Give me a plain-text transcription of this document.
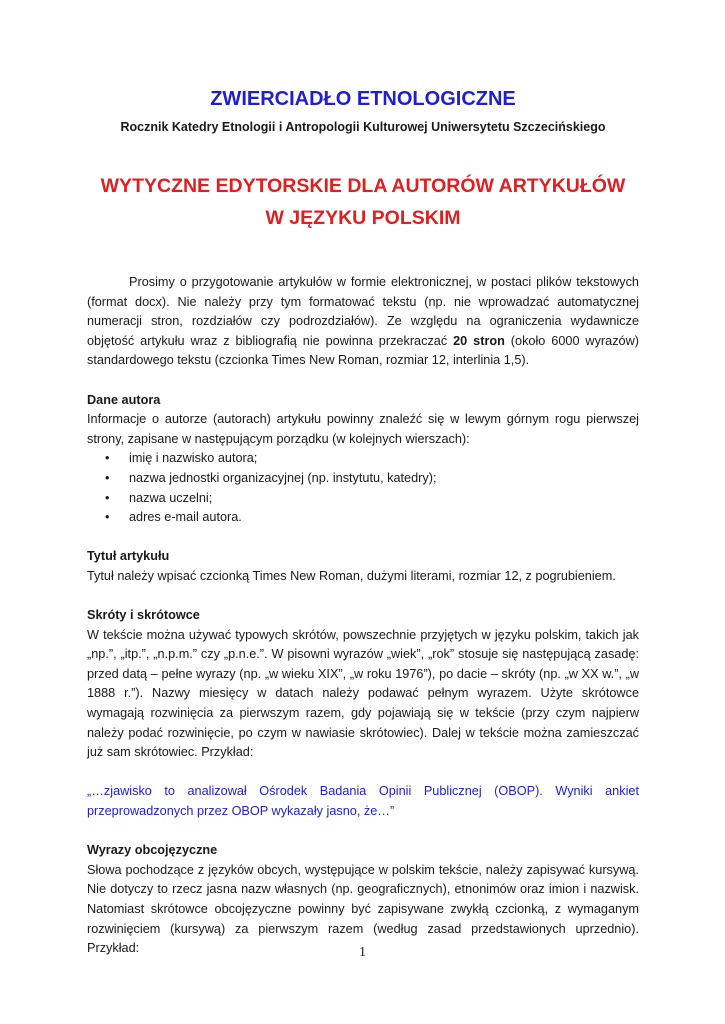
ZWIERCIADŁO ETNOLOGICZNE

Rocznik Katedry Etnologii i Antropologii Kulturowej Uniwersytetu Szczecińskiego

WYTYCZNE EDYTORSKIE DLA AUTORÓW ARTYKUŁÓW
W JĘZYKU POLSKIM

Prosimy o przygotowanie artykułów w formie elektronicznej, w postaci plików tekstowych (format docx). Nie należy przy tym formatować tekstu (np. nie wprowadzać automatycznej numeracji stron, rozdziałów czy podrozdziałów). Ze względu na ograniczenia wydawnicze objętość artykułu wraz z bibliografią nie powinna przekraczać 20 stron (około 6000 wyrazów) standardowego tekstu (czcionka Times New Roman, rozmiar 12, interlinia 1,5).

Dane autora

Informacje o autorze (autorach) artykułu powinny znaleźć się w lewym górnym rogu pierwszej strony, zapisane w następującym porządku (w kolejnych wierszach):

• imię i nazwisko autora;
• nazwa jednostki organizacyjnej (np. instytutu, katedry);
• nazwa uczelni;
• adres e-mail autora.

Tytuł artykułu

Tytuł należy wpisać czcionką Times New Roman, dużymi literami, rozmiar 12, z pogrubieniem.

Skróty i skrótowce

W tekście można używać typowych skrótów, powszechnie przyjętych w języku polskim, takich jak „np.”, „itp.”, „n.p.m.” czy „p.n.e.”. W pisowni wyrazów „wiek”, „rok” stosuje się następującą zasadę: przed datą – pełne wyrazy (np. „w wieku XIX”, „w roku 1976”), po dacie – skróty (np. „w XX w.”, „w 1888 r.”). Nazwy miesięcy w datach należy podawać pełnym wyrazem. Użyte skrótowce wymagają rozwinięcia za pierwszym razem, gdy pojawiają się w tekście (przy czym najpierw należy podać rozwinięcie, po czym w nawiasie skrótowiec). Dalej w tekście można zamieszczać już sam skrótowiec. Przykład:

„…zjawisko to analizował Ośrodek Badania Opinii Publicznej (OBOP). Wyniki ankiet przeprowadzonych przez OBOP wykazały jasno, że…”

Wyrazy obcojęzyczne

Słowa pochodzące z języków obcych, występujące w polskim tekście, należy zapisywać kursywą. Nie dotyczy to rzecz jasna nazw własnych (np. geograficznych), etnonimów oraz imion i nazwisk. Natomiast skrótowce obcojęzyczne powinny być zapisywane zwykłą czcionką, z wymaganym rozwinięciem (kursywą) za pierwszym razem (według zasad przedstawionych uprzednio). Przykład:	1
